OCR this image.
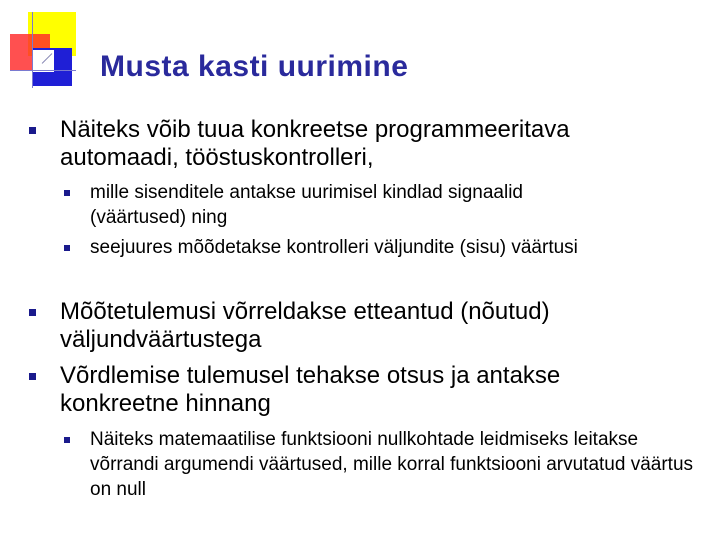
Musta kasti uurimine

Näiteks võib tuua konkreetse programmeeritava automaadi, tööstuskontrolleri,

mille sisenditele antakse uurimisel kindlad signaalid (väärtused) ning

seejuures mõõdetakse kontrolleri väljundite (sisu) väärtusi

Mõõtetulemusi võrreldakse etteantud (nõutud) väljundväärtustega

Võrdlemise tulemusel tehakse otsus ja antakse konkreetne hinnang

Näiteks matemaatilise funktsiooni nullkohtade leidmiseks leitakse võrrandi argumendi väärtused, mille korral funktsiooni arvutatud väärtus on null
